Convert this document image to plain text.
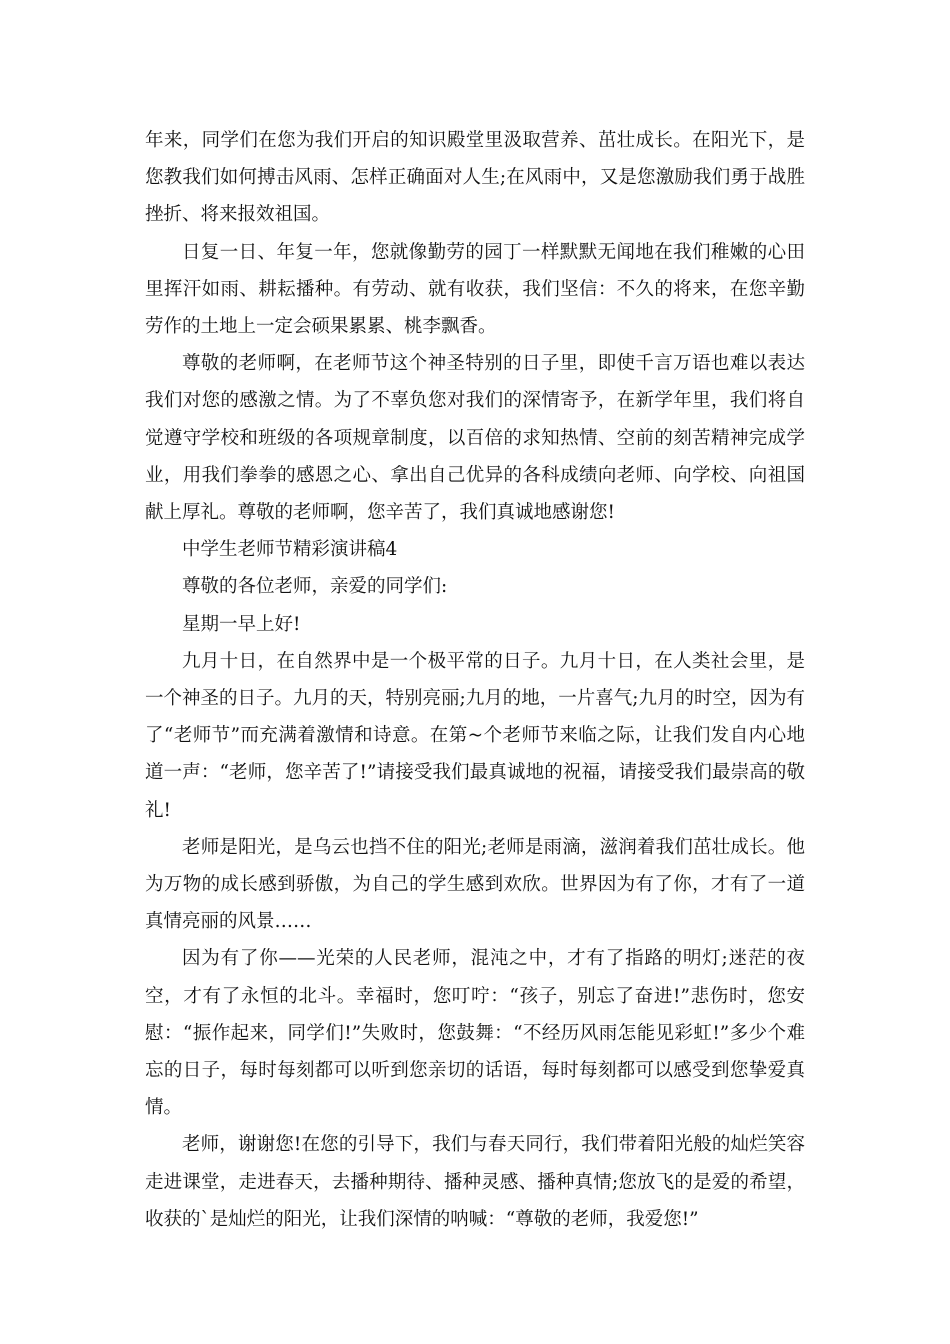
年来，同学们在您为我们开启的知识殿堂里汲取营养、茁壮成长。在阳光下，是您教我们如何搏击风雨、怎样正确面对人生;在风雨中，又是您激励我们勇于战胜挫折、将来报效祖国。

日复一日、年复一年，您就像勤劳的园丁一样默默无闻地在我们稚嫩的心田里挥汗如雨、耕耘播种。有劳动、就有收获，我们坚信：不久的将来，在您辛勤劳作的土地上一定会硕果累累、桃李飘香。

尊敬的老师啊，在老师节这个神圣特别的日子里，即使千言万语也难以表达我们对您的感激之情。为了不辜负您对我们的深情寄予，在新学年里，我们将自觉遵守学校和班级的各项规章制度，以百倍的求知热情、空前的刻苦精神完成学业，用我们拳拳的感恩之心、拿出自己优异的各科成绩向老师、向学校、向祖国献上厚礼。尊敬的老师啊，您辛苦了，我们真诚地感谢您!

中学生老师节精彩演讲稿4

尊敬的各位老师，亲爱的同学们:

星期一早上好!

九月十日，在自然界中是一个极平常的日子。九月十日，在人类社会里，是一个神圣的日子。九月的天，特别亮丽;九月的地，一片喜气;九月的时空，因为有了“老师节”而充满着激情和诗意。在第~个老师节来临之际，让我们发自内心地道一声：“老师，您辛苦了!”请接受我们最真诚地的祝福，请接受我们最崇高的敬礼!

老师是阳光，是乌云也挡不住的阳光;老师是雨滴，滋润着我们茁壮成长。他为万物的成长感到骄傲，为自己的学生感到欢欣。世界因为有了你，才有了一道真情亮丽的风景……

因为有了你——光荣的人民老师，混沌之中，才有了指路的明灯;迷茫的夜空，才有了永恒的北斗。幸福时，您叮咛：“孩子，别忘了奋进!”悲伤时，您安慰：“振作起来，同学们!”失败时，您鼓舞：“不经历风雨怎能见彩虹!”多少个难忘的日子，每时每刻都可以听到您亲切的话语，每时每刻都可以感受到您挚爱真情。

老师，谢谢您!在您的引导下，我们与春天同行，我们带着阳光般的灿烂笑容走进课堂，走进春天，去播种期待、播种灵感、播种真情;您放飞的是爱的希望，收获的`是灿烂的阳光，让我们深情的呐喊：“尊敬的老师，我爱您!”
